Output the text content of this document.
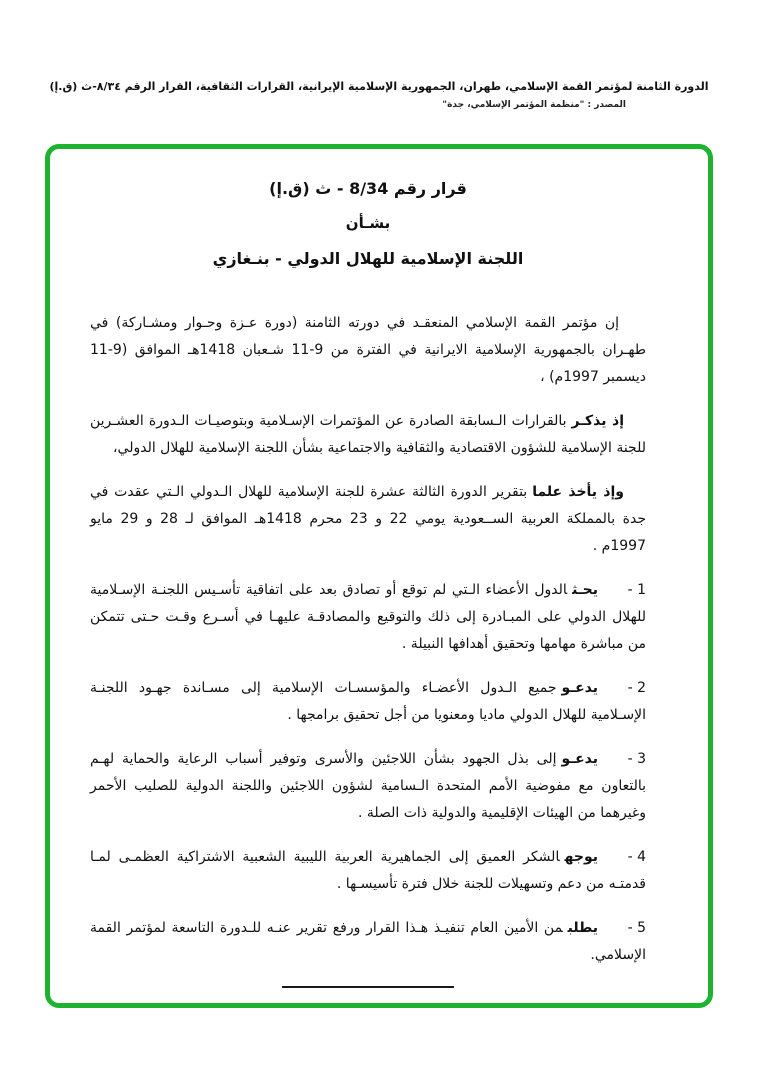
الدورة الثامنة لمؤتمر القمة الإسلامي، طهران، الجمهورية الإسلامية الإيرانية، القرارات الثقافية، القرار الرقم ٨/٣٤-ث (ق.إ)
المصدر : "منظمة المؤتمر الإسلامي، جدة"
قرار رقم 8/34 - ث (ق.إ)
بشـأن
اللجنة الإسلامية للهلال الدولي - بنـغازي

إن مؤتمر القمة الإسلامي المنعقـد في دورته الثامنة (دورة عـزة وحـوار ومشـاركة) في طهـران بالجمهورية الإسلامية الايرانية في الفترة من 9-11 شـعبان 1418هـ الموافق (9-11 ديسمبر 1997م) ،

إذ يذكـربالقرارات الـسابقة الصادرة عن المؤتمرات الإسـلامية وبتوصيـات الـدورة العشـرين للجنة الإسلامية للشؤون الاقتصادية والثقافية والاجتماعية بشأن اللجنة الإسلامية للهلال الدولي،

وإذ يأخذ علمابتقرير الدورة الثالثة عشرة للجنة الإسلامية للهلال الـدولي الـتي عقدت في جدة بالمملكة العربية الســعودية يومي 22 و 23 محرم 1418هـ الموافق لـ 28 و 29 مايو 1997م .

1 -يحـثالدول الأعضاء الـتي لم توقع أو تصادق بعد على اتفاقية تأسـيس اللجنـة الإسـلامية للهلال الدولي على المبـادرة إلى ذلك والتوقيع والمصادقـة عليهـا في أسـرع وقـت حـتى تتمكن من مباشرة مهامها وتحقيق أهدافها النبيلة .
2 -يدعـوجميع الـدول الأعضـاء والمؤسسـات الإسلامية إلى مسـاندة جهـود اللجنـة الإسـلامية للهلال الدولي ماديا ومعنويا من أجل تحقيق برامجها .
3 -يدعـوإلى بذل الجهود بشأن اللاجئين والأسرى وتوفير أسباب الرعاية والحماية لهـم بالتعاون مع مفوضية الأمم المتحدة الـسامية لشؤون اللاجئين واللجنة الدولية للصليب الأحمر وغيرهما من الهيئات الإقليمية والدولية ذات الصلة .
4 -يوجهالشكر العميق إلى الجماهيرية العربية الليبية الشعبية الاشتراكية العظمـى لمـا قدمتـه من دعم وتسهيلات للجنة خلال فترة تأسيسـها .
5 -يطلبمن الأمين العام تنفيـذ هـذا القرار ورفع تقرير عنـه للـدورة التاسعة لمؤتمر القمة الإسلامي.
